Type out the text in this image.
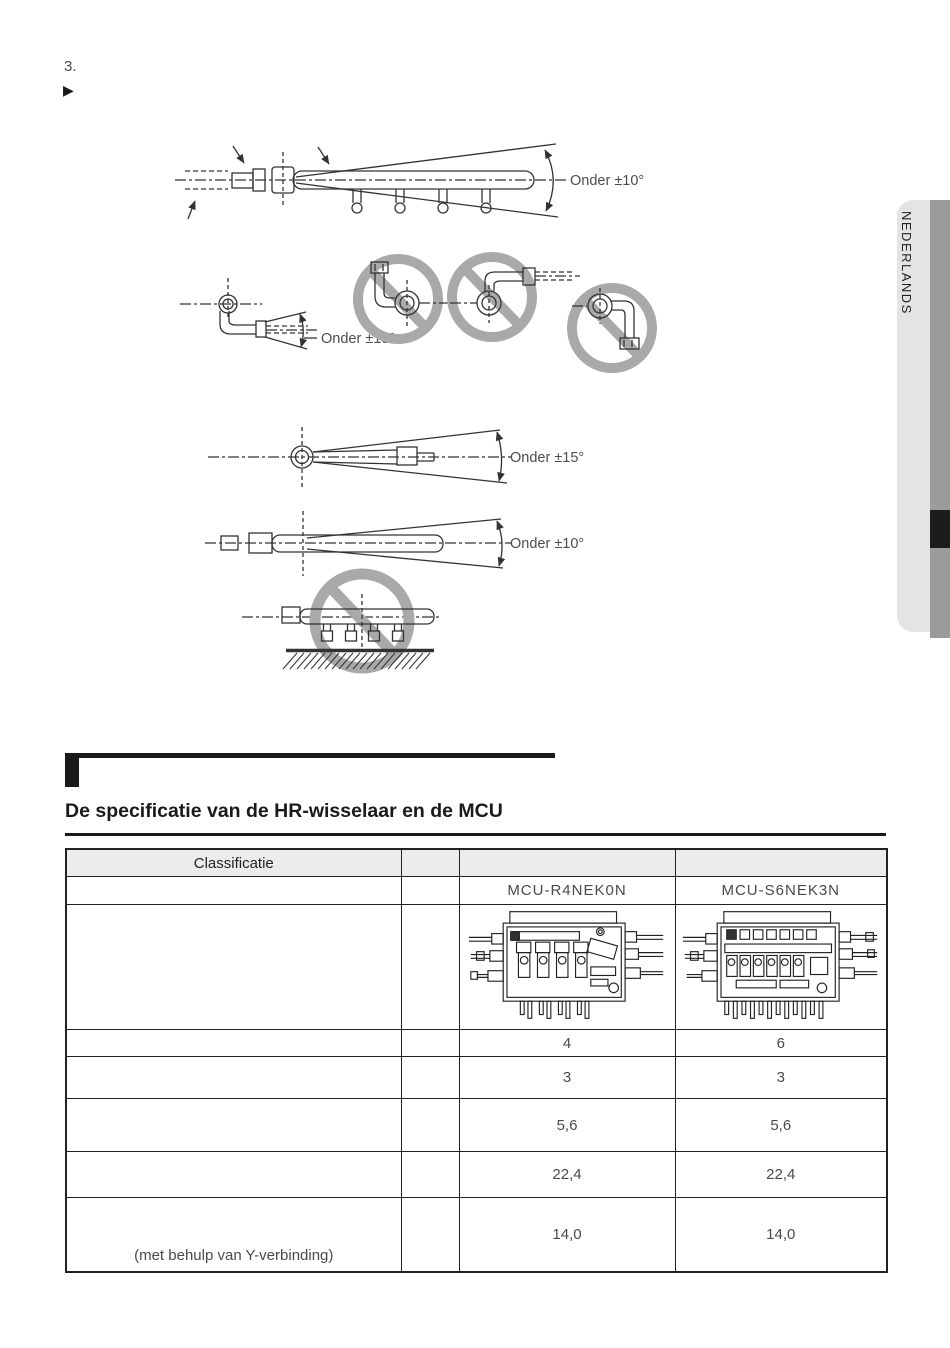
3.
▶
NEDERLANDS
Onder ±10°
Onder ±15°
Onder ±15°
Onder ±10°
De specificatie van de HR-wisselaar en de MCU
Classificatie			
		MCU-R4NEK0N	MCU-S6NEK3N

		4	6
		3	3
		5,6	5,6
		22,4	22,4
(met behulp van Y-verbinding)		14,0	14,0
